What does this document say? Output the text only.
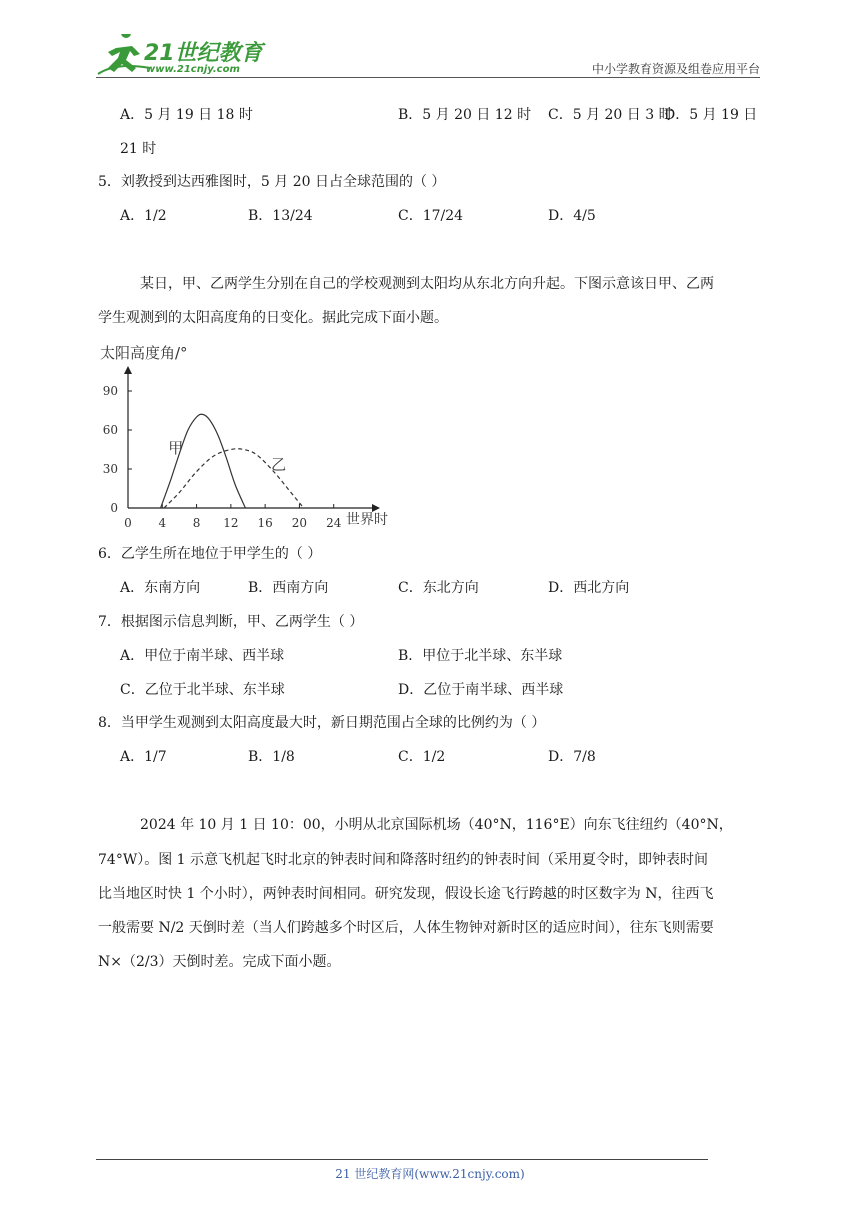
21世纪教育
www.21cnjy.com	中小学教育资源及组卷应用平台
A．5 月 19 日 18 时	B．5 月 20 日 12 时 C．5 月 20 日 3 时
D．5 月 19 日
21 时
5．刘教授到达西雅图时，5 月 20 日占全球范围的（ ）
A．1/2	B．13/24	C．17/24	D．4/5
某日，甲、乙两学生分别在自己的学校观测到太阳均从东北方向升起。下图示意该日甲、乙两
学生观测到的太阳高度角的日变化。据此完成下面小题。
太阳高度角/°
世界时
0 4 8 12 16 20 24
0
30
60
90
甲
乙
6．乙学生所在地位于甲学生的（ ）
A．东南方向	B．西南方向	C．东北方向	D．西北方向
7．根据图示信息判断，甲、乙两学生（ ）
A．甲位于南半球、西半球	B．甲位于北半球、东半球
C．乙位于北半球、东半球	D．乙位于南半球、西半球
8．当甲学生观测到太阳高度最大时，新日期范围占全球的比例约为（ ）
A．1/7	B．1/8	C．1/2	D．7/8
2024 年 10 月 1 日 10：00，小明从北京国际机场（40°N，116°E）向东飞往纽约（40°N，
74°W）。图 1 示意飞机起飞时北京的钟表时间和降落时纽约的钟表时间（采用夏令时，即钟表时间
比当地区时快 1 个小时），两钟表时间相同。研究发现，假设长途飞行跨越的时区数字为 N，往西飞
一般需要 N/2 天倒时差（当人们跨越多个时区后，人体生物钟对新时区的适应时间），往东飞则需要
N×（2/3）天倒时差。完成下面小题。
21 世纪教育网(www.21cnjy.com)
